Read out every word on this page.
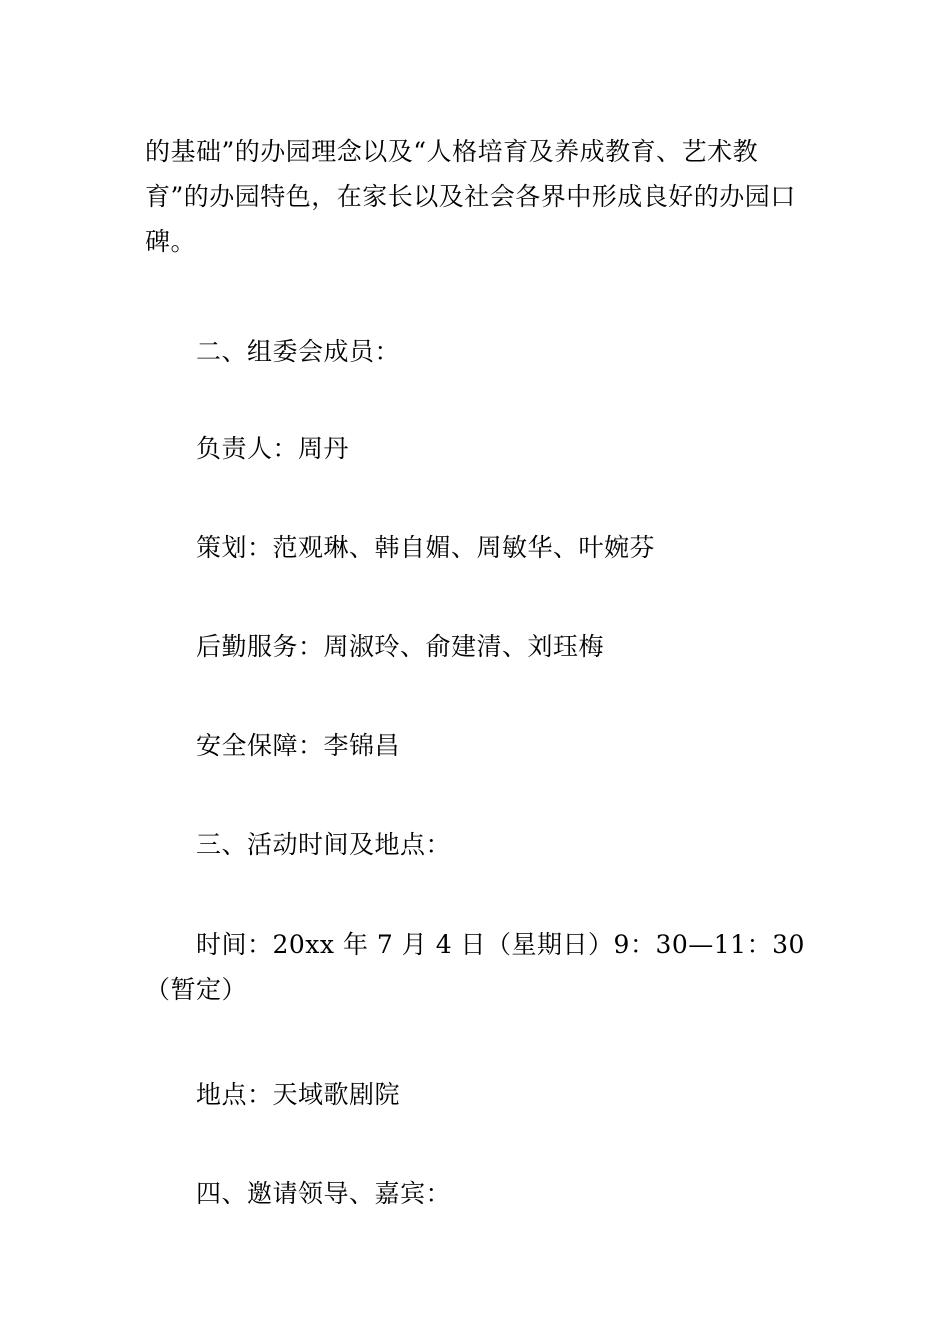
的基础”的办园理念以及“人格培育及养成教育、艺术教育”的办园特色，在家长以及社会各界中形成良好的办园口碑。

二、组委会成员：

负责人：周丹

策划：范观琳、韩自媚、周敏华、叶婉芬

后勤服务：周淑玲、俞建清、刘珏梅

安全保障：李锦昌

三、活动时间及地点：

时间：20xx 年 7 月 4 日（星期日）9：30—11：30（暂定）

地点：天域歌剧院

四、邀请领导、嘉宾：
